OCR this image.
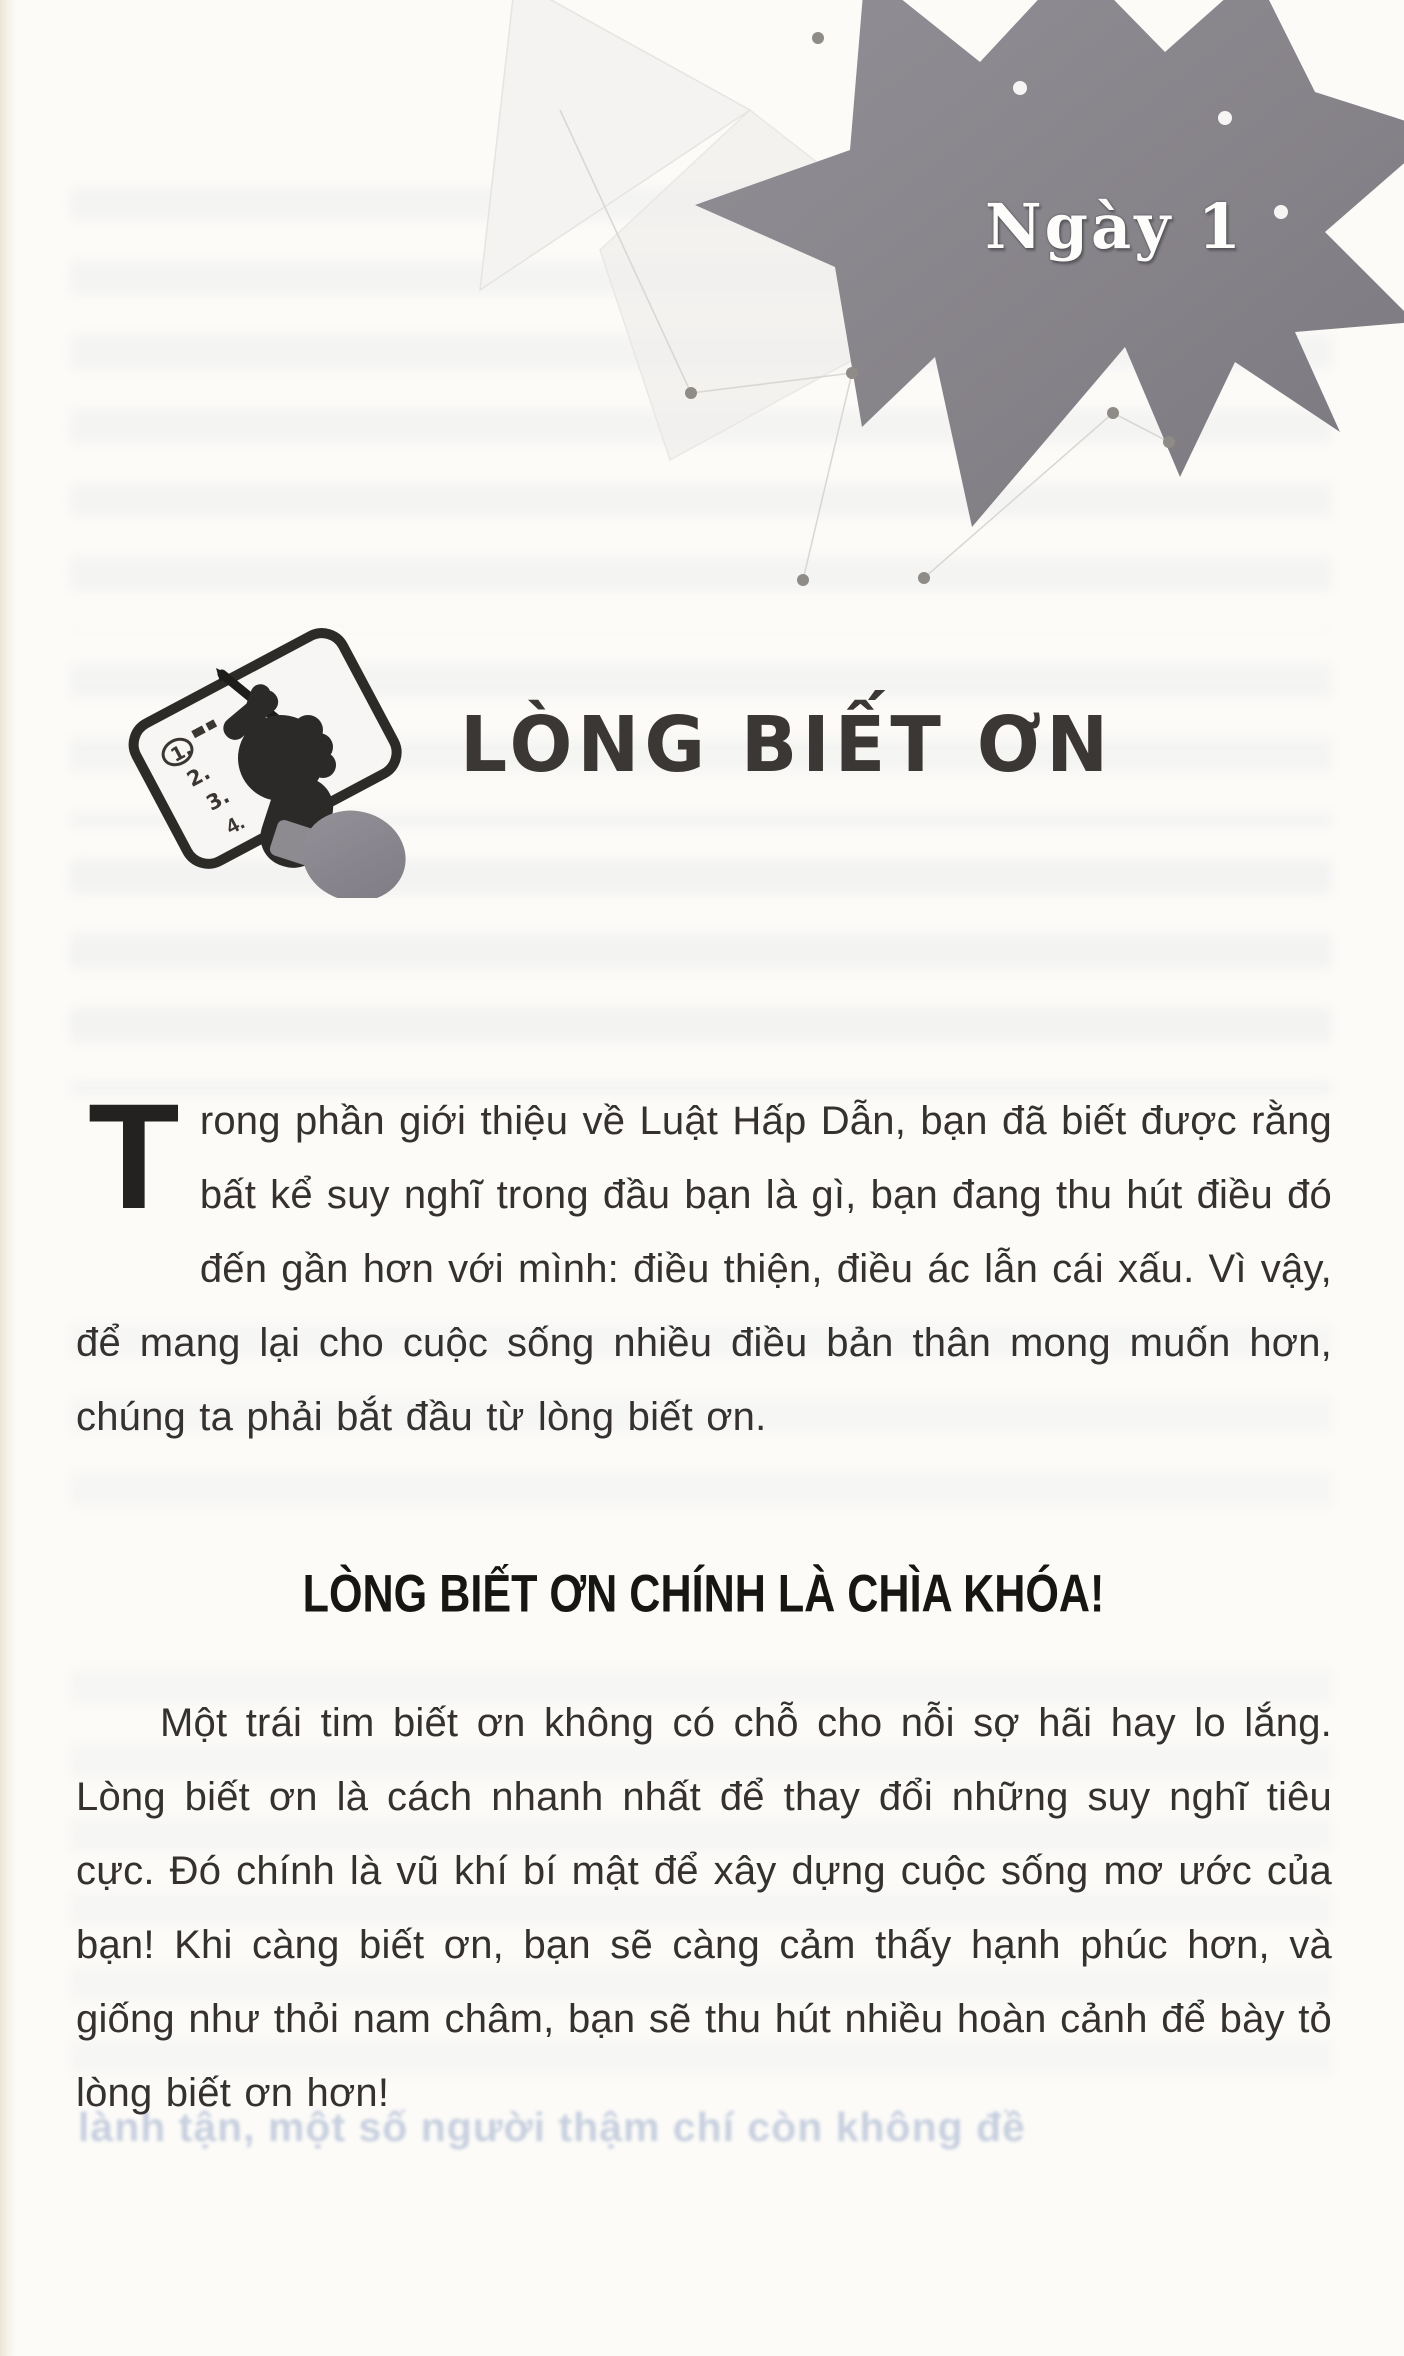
lành tận, một số người thậm chí còn không đề
Ngày 1
1.
2.
3.
4.
LÒNG BIẾT ƠN
Trong phần giới thiệu về Luật Hấp Dẫn, bạn đã biết được rằng bất kể suy nghĩ trong đầu bạn là gì, bạn đang thu hút điều đó đến gần hơn với mình: điều thiện, điều ác lẫn cái xấu. Vì vậy, để mang lại cho cuộc sống nhiều điều bản thân mong muốn hơn, chúng ta phải bắt đầu từ lòng biết ơn.
LÒNG BIẾT ƠN CHÍNH LÀ CHÌA KHÓA!
Một trái tim biết ơn không có chỗ cho nỗi sợ hãi hay lo lắng. Lòng biết ơn là cách nhanh nhất để thay đổi những suy nghĩ tiêu cực. Đó chính là vũ khí bí mật để xây dựng cuộc sống mơ ước của bạn! Khi càng biết ơn, bạn sẽ càng cảm thấy hạnh phúc hơn, và giống như thỏi nam châm, bạn sẽ thu hút nhiều hoàn cảnh để bày tỏ lòng biết ơn hơn!
